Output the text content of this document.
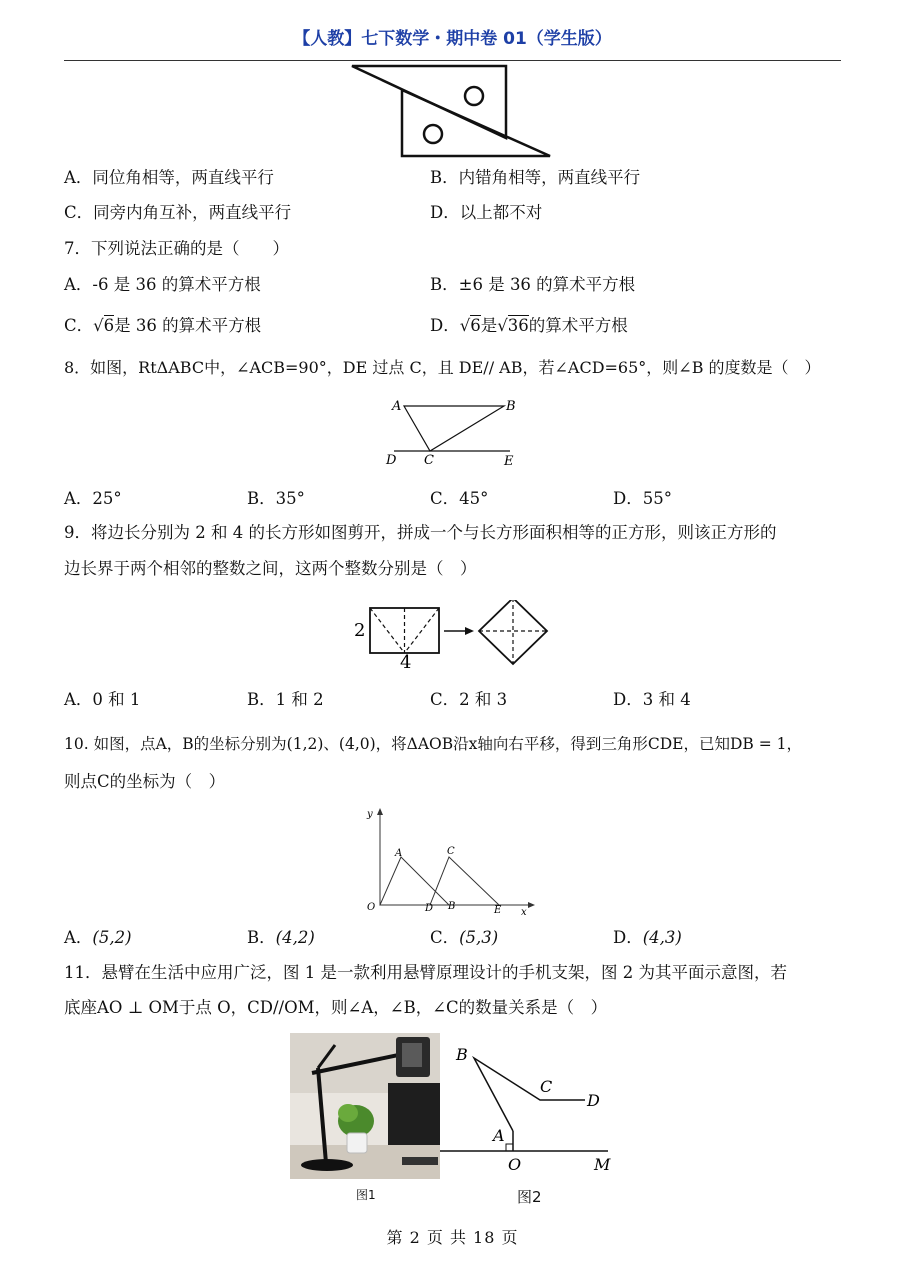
【人教】七下数学・期中卷 01（学生版）
A．同位角相等，两直线平行	B．内错角相等，两直线平行
C．同旁内角互补，两直线平行	D．以上都不对
7．下列说法正确的是（　　）
A．-6 是 36 的算术平方根	B．±6 是 36 的算术平方根
C．√6是 36 的算术平方根	D．√6是√36的算术平方根
8．如图，RtΔABC中，∠ACB=90°，DE 过点 C，且 DE// AB，若∠ACD=65°，则∠B 的度数是（　）
A	B
C
D	E
A．25°	B．35°	C．45°	D．55°
9．将边长分别为 2 和 4 的长方形如图剪开，拼成一个与长方形面积相等的正方形，则该正方形的
边长界于两个相邻的整数之间，这两个整数分别是（　）
2
4
A．0 和 1	B．1 和 2	C．2 和 3	D．3 和 4
10. 如图，点A，B的坐标分别为(1,2)、(4,0)，将ΔAOB沿x轴向右平移，得到三角形CDE，已知DB = 1，
则点C的坐标为（　）
y
x
O
A	C
D B	E
A．(5,2)	B．(4,2)	C．(5,3)	D．(4,3)
11．悬臂在生活中应用广泛，图 1 是一款利用悬臂原理设计的手机支架，图 2 为其平面示意图，若
底座AO ⊥ OM于点 O，CD//OM，则∠A，∠B，∠C的数量关系是（　）
图1
B
C
D
A
O	M
图2
第 2 页 共 18 页
